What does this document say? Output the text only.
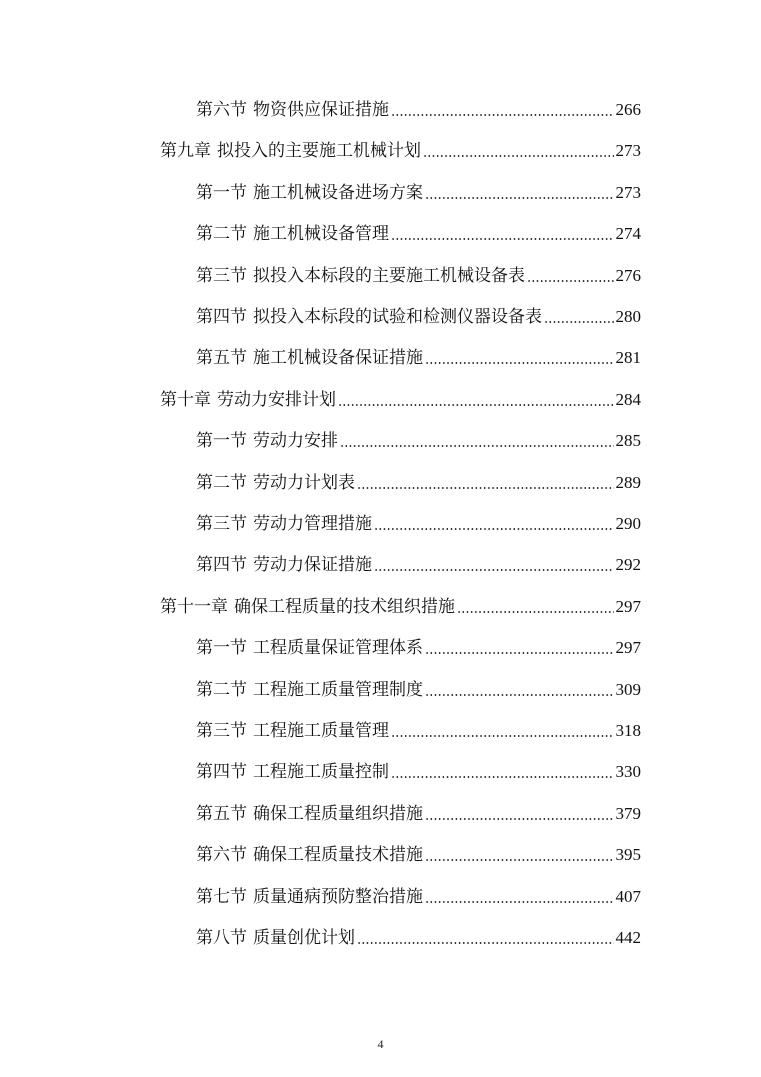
第六节 物资供应保证措施	266
第九章 拟投入的主要施工机械计划	273
第一节 施工机械设备进场方案	273
第二节 施工机械设备管理	274
第三节 拟投入本标段的主要施工机械设备表	276
第四节 拟投入本标段的试验和检测仪器设备表	280
第五节 施工机械设备保证措施	281
第十章 劳动力安排计划	284
第一节 劳动力安排	285
第二节 劳动力计划表	289
第三节 劳动力管理措施	290
第四节 劳动力保证措施	292
第十一章 确保工程质量的技术组织措施	297
第一节 工程质量保证管理体系	297
第二节 工程施工质量管理制度	309
第三节 工程施工质量管理	318
第四节 工程施工质量控制	330
第五节 确保工程质量组织措施	379
第六节 确保工程质量技术措施	395
第七节 质量通病预防整治措施	407
第八节 质量创优计划	442
4
